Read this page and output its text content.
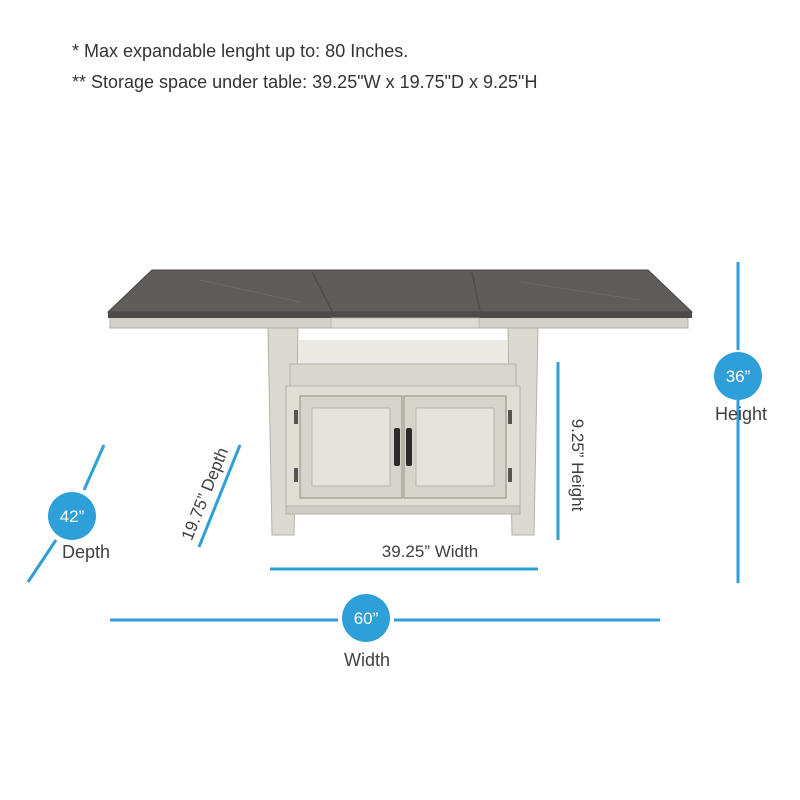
* Max expandable lenght up to: 80 Inches.
** Storage space under table: 39.25"W x 19.75"D x 9.25"H
36”
Height
42”
Depth
60”
Width
39.25” Width
19.75” Depth	9.25” Height
